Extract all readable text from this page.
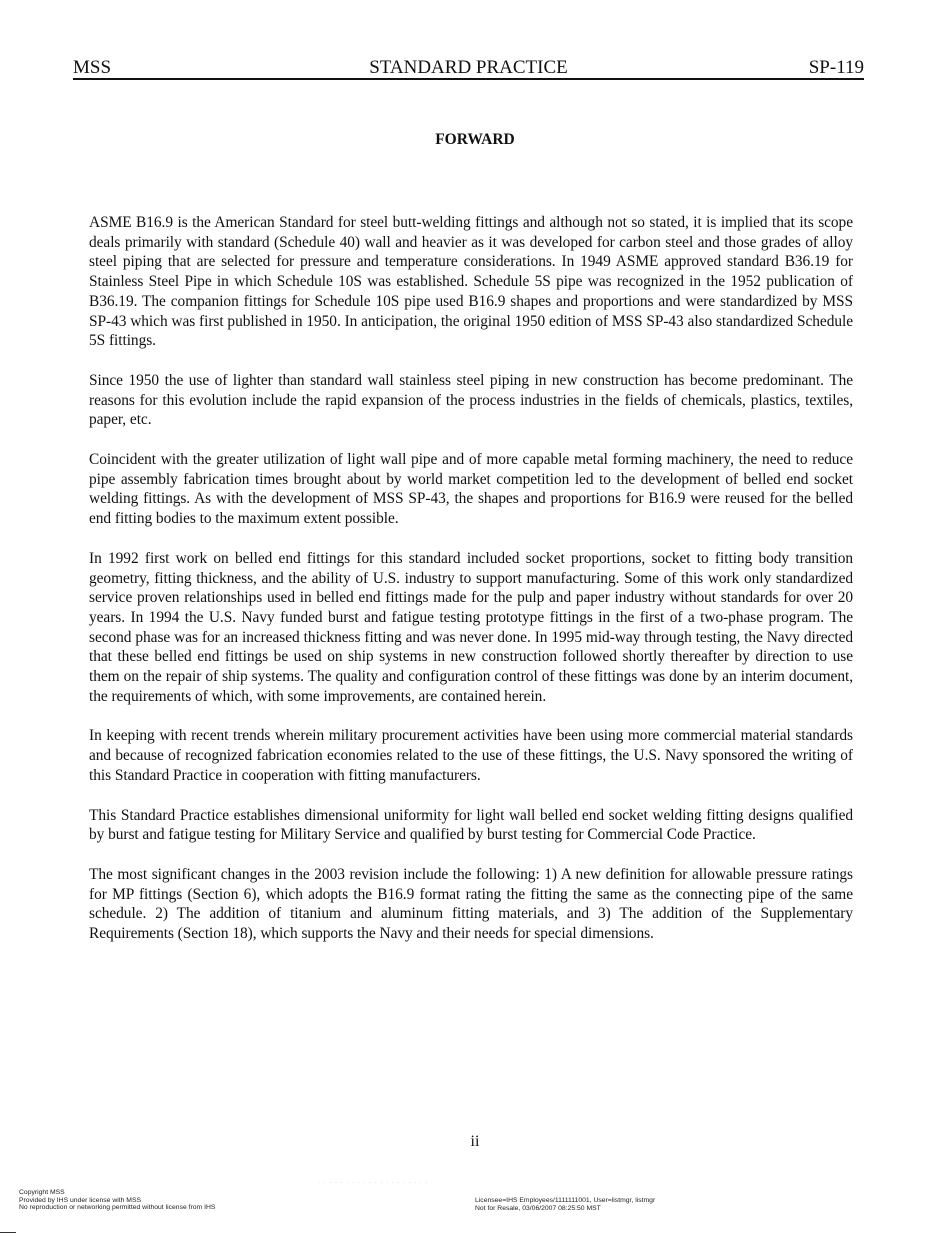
MSS	STANDARD PRACTICE	SP-119
FORWARD

ASME B16.9 is the American Standard for steel butt-welding fittings and although not so stated, it is implied that its scope deals primarily with standard (Schedule 40) wall and heavier as it was developed for carbon steel and those grades of alloy steel piping that are selected for pressure and temperature considerations. In 1949 ASME approved standard B36.19 for Stainless Steel Pipe in which Schedule 10S was established. Schedule 5S pipe was recognized in the 1952 publication of B36.19. The companion fittings for Schedule 10S pipe used B16.9 shapes and proportions and were standardized by MSS SP-43 which was first published in 1950. In anticipation, the original 1950 edition of MSS SP-43 also standardized Schedule 5S fittings.

Since 1950 the use of lighter than standard wall stainless steel piping in new construction has become predominant. The reasons for this evolution include the rapid expansion of the process industries in the fields of chemicals, plastics, textiles, paper, etc.

Coincident with the greater utilization of light wall pipe and of more capable metal forming machinery, the need to reduce pipe assembly fabrication times brought about by world market competition led to the development of belled end socket welding fittings. As with the development of MSS SP-43, the shapes and proportions for B16.9 were reused for the belled end fitting bodies to the maximum extent possible.

In 1992 first work on belled end fittings for this standard included socket proportions, socket to fitting body transition geometry, fitting thickness, and the ability of U.S. industry to support manufacturing. Some of this work only standardized service proven relationships used in belled end fittings made for the pulp and paper industry without standards for over 20 years. In 1994 the U.S. Navy funded burst and fatigue testing prototype fittings in the first of a two-phase program. The second phase was for an increased thickness fitting and was never done. In 1995 mid-way through testing, the Navy directed that these belled end fittings be used on ship systems in new construction followed shortly thereafter by direction to use them on the repair of ship systems. The quality and configuration control of these fittings was done by an interim document, the requirements of which, with some improvements, are contained herein.

In keeping with recent trends wherein military procurement activities have been using more commercial material standards and because of recognized fabrication economies related to the use of these fittings, the U.S. Navy sponsored the writing of this Standard Practice in cooperation with fitting manufacturers.

This Standard Practice establishes dimensional uniformity for light wall belled end socket welding fitting designs qualified by burst and fatigue testing for Military Service and qualified by burst testing for Commercial Code Practice.

The most significant changes in the 2003 revision include the following: 1) A new definition for allowable pressure ratings for MP fittings (Section 6), which adopts the B16.9 format rating the fitting the same as the connecting pipe of the same schedule. 2) The addition of titanium and aluminum fitting materials, and 3) The addition of the Supplementary Requirements (Section 18), which supports the Navy and their needs for special dimensions.

ii
· · · · · · · · · · · · · · · · · · · ·
Copyright MSS
Provided by IHS under license with MSS
No reproduction or networking permitted without license from IHS
Licensee=IHS Employees/1111111001, User=listmgr, listmgr
Not for Resale, 03/06/2007 08:25:50 MST
